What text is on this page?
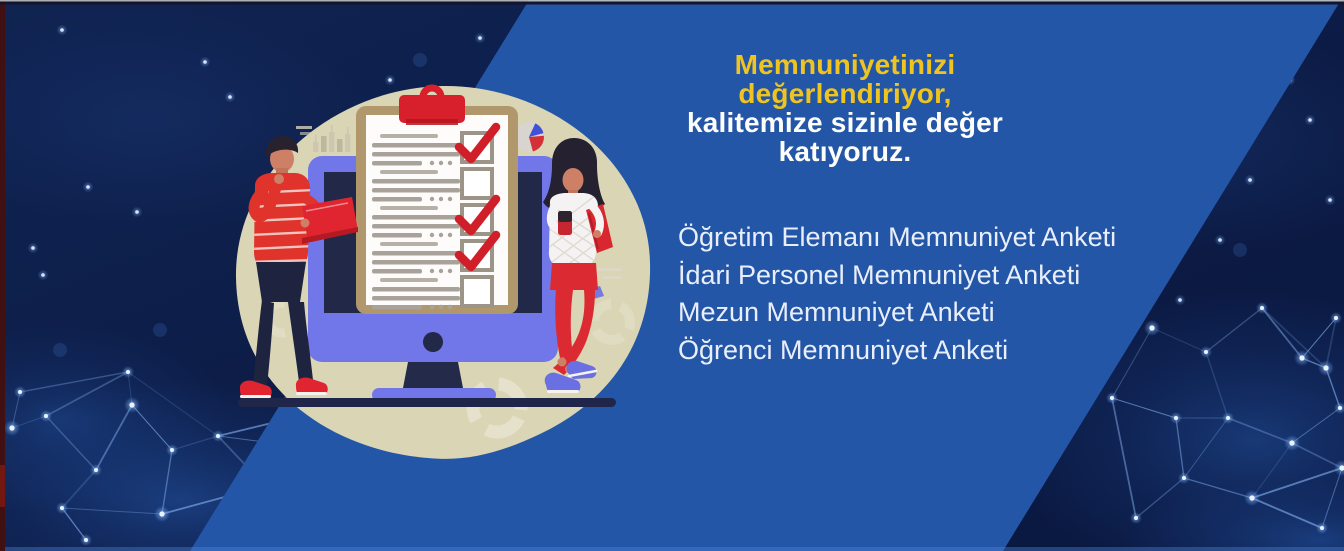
Memnuniyetinizi
değerlendiriyor,
kalitemize sizinle değer
katıyoruz.
Öğretim Elemanı Memnuniyet Anketi
İdari Personel Memnuniyet Anketi
Mezun Memnuniyet Anketi
Öğrenci Memnuniyet Anketi
